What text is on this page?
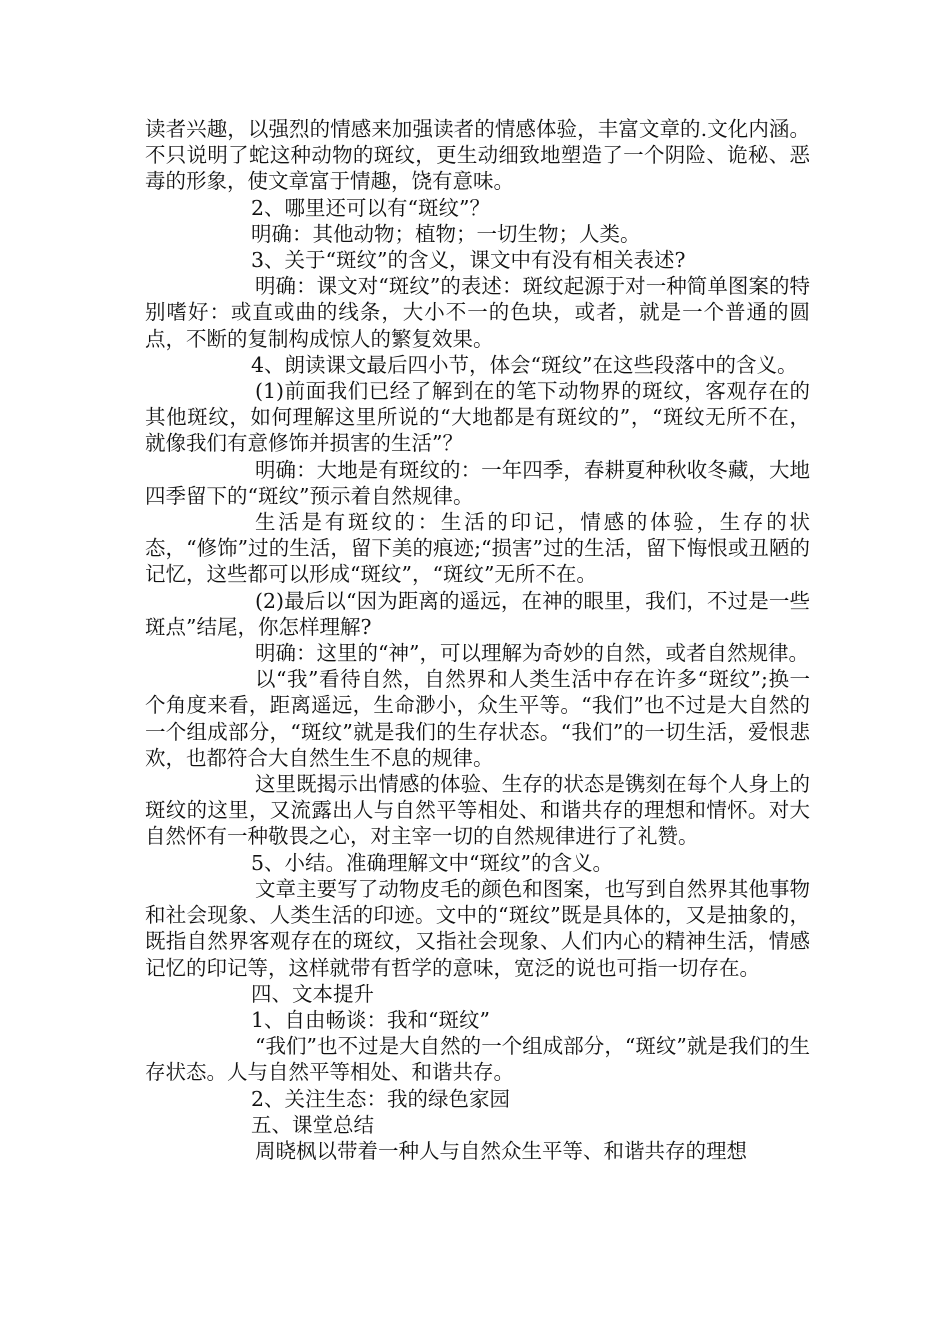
读者兴趣，以强烈的情感来加强读者的情感体验，丰富文章的.文化内涵。不只说明了蛇这种动物的斑纹，更生动细致地塑造了一个阴险、诡秘、恶毒的形象，使文章富于情趣，饶有意味。

2、哪里还可以有“斑纹”？

明确：其他动物；植物；一切生物；人类。

3、关于“斑纹”的含义，课文中有没有相关表述?

明确：课文对“斑纹”的表述：斑纹起源于对一种简单图案的特别嗜好：或直或曲的线条，大小不一的色块，或者，就是一个普通的圆点，不断的复制构成惊人的繁复效果。

4、朗读课文最后四小节，体会“斑纹”在这些段落中的含义。

(1)前面我们已经了解到在的笔下动物界的斑纹，客观存在的其他斑纹，如何理解这里所说的“大地都是有斑纹的”，“斑纹无所不在，就像我们有意修饰并损害的生活”？

明确：大地是有斑纹的：一年四季，春耕夏种秋收冬藏，大地四季留下的“斑纹”预示着自然规律。

生活是有斑纹的：生活的印记，情感的体验，生存的状态，“修饰”过的生活，留下美的痕迹;“损害”过的生活，留下悔恨或丑陋的记忆，这些都可以形成“斑纹”，“斑纹”无所不在。

(2)最后以“因为距离的遥远，在神的眼里，我们，不过是一些斑点”结尾，你怎样理解?

明确：这里的“神”，可以理解为奇妙的自然，或者自然规律。

以“我”看待自然，自然界和人类生活中存在许多“斑纹”;换一个角度来看，距离遥远，生命渺小，众生平等。“我们”也不过是大自然的一个组成部分，“斑纹”就是我们的生存状态。“我们”的一切生活，爱恨悲欢，也都符合大自然生生不息的规律。

这里既揭示出情感的体验、生存的状态是镌刻在每个人身上的斑纹的这里，又流露出人与自然平等相处、和谐共存的理想和情怀。对大自然怀有一种敬畏之心，对主宰一切的自然规律进行了礼赞。

5、小结。准确理解文中“斑纹”的含义。

文章主要写了动物皮毛的颜色和图案，也写到自然界其他事物和社会现象、人类生活的印迹。文中的“斑纹”既是具体的，又是抽象的，既指自然界客观存在的斑纹，又指社会现象、人们内心的精神生活，情感记忆的印记等，这样就带有哲学的意味，宽泛的说也可指一切存在。

四、文本提升

1、自由畅谈：我和“斑纹”

“我们”也不过是大自然的一个组成部分，“斑纹”就是我们的生存状态。人与自然平等相处、和谐共存。

2、关注生态：我的绿色家园

五、课堂总结

周晓枫以带着一种人与自然众生平等、和谐共存的理想
